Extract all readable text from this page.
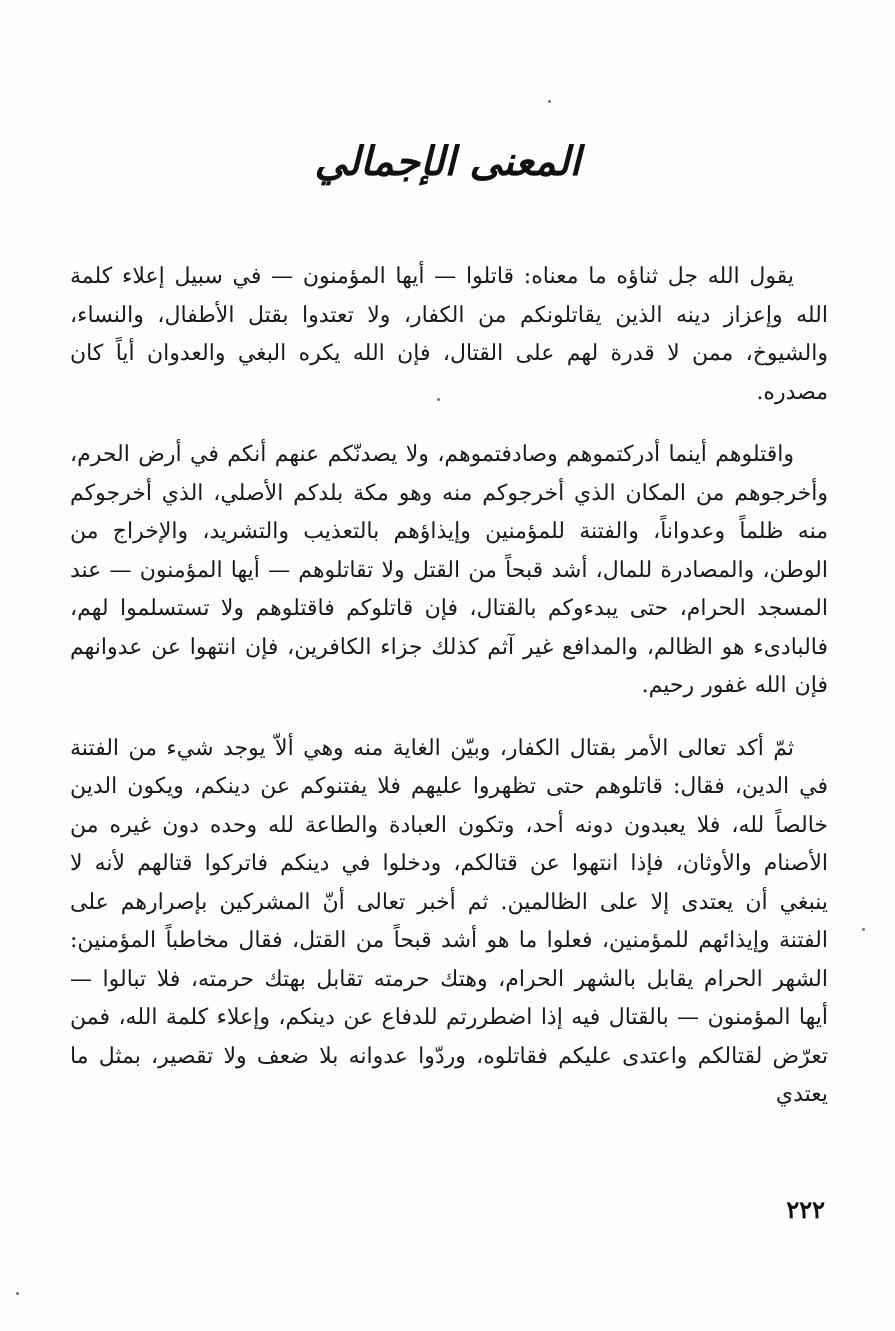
المعنى الإجمالي

يقول الله جل ثناؤه ما معناه: قاتلوا — أيها المؤمنون — في سبيل إعلاء كلمة الله وإعزاز دينه الذين يقاتلونكم من الكفار، ولا تعتدوا بقتل الأطفال، والنساء، والشيوخ، ممن لا قدرة لهم على القتال، فإن الله يكره البغي والعدوان أياً كان مصدره.

واقتلوهم أينما أدركتموهم وصادفتموهم، ولا يصدنّكم عنهم أنكم في أرض الحرم، وأخرجوهم من المكان الذي أخرجوكم منه وهو مكة بلدكم الأصلي، الذي أخرجوكم منه ظلماً وعدواناً، والفتنة للمؤمنين وإيذاؤهم بالتعذيب والتشريد، والإخراج من الوطن، والمصادرة للمال، أشد قبحاً من القتل ولا تقاتلوهم — أيها المؤمنون — عند المسجد الحرام، حتى يبدءوكم بالقتال، فإن قاتلوكم فاقتلوهم ولا تستسلموا لهم، فالبادىء هو الظالم، والمدافع غير آثم كذلك جزاء الكافرين، فإن انتهوا عن عدوانهم فإن الله غفور رحيم.

ثمّ أكد تعالى الأمر بقتال الكفار، وبيّن الغاية منه وهي ألاّ يوجد شيء من الفتنة في الدين، فقال: قاتلوهم حتى تظهروا عليهم فلا يفتنوكم عن دينكم، ويكون الدين خالصاً لله، فلا يعبدون دونه أحد، وتكون العبادة والطاعة لله وحده دون غيره من الأصنام والأوثان، فإذا انتهوا عن قتالكم، ودخلوا في دينكم فاتركوا قتالهم لأنه لا ينبغي أن يعتدى إلا على الظالمين. ثم أخبر تعالى أنّ المشركين بإصرارهم على الفتنة وإيذائهم للمؤمنين، فعلوا ما هو أشد قبحاً من القتل، فقال مخاطباً المؤمنين: الشهر الحرام يقابل بالشهر الحرام، وهتك حرمته تقابل بهتك حرمته، فلا تبالوا — أيها المؤمنون — بالقتال فيه إذا اضطررتم للدفاع عن دينكم، وإعلاء كلمة الله، فمن تعرّض لقتالكم واعتدى عليكم فقاتلوه، وردّوا عدوانه بلا ضعف ولا تقصير، بمثل ما يعتدي

٢٢٢
